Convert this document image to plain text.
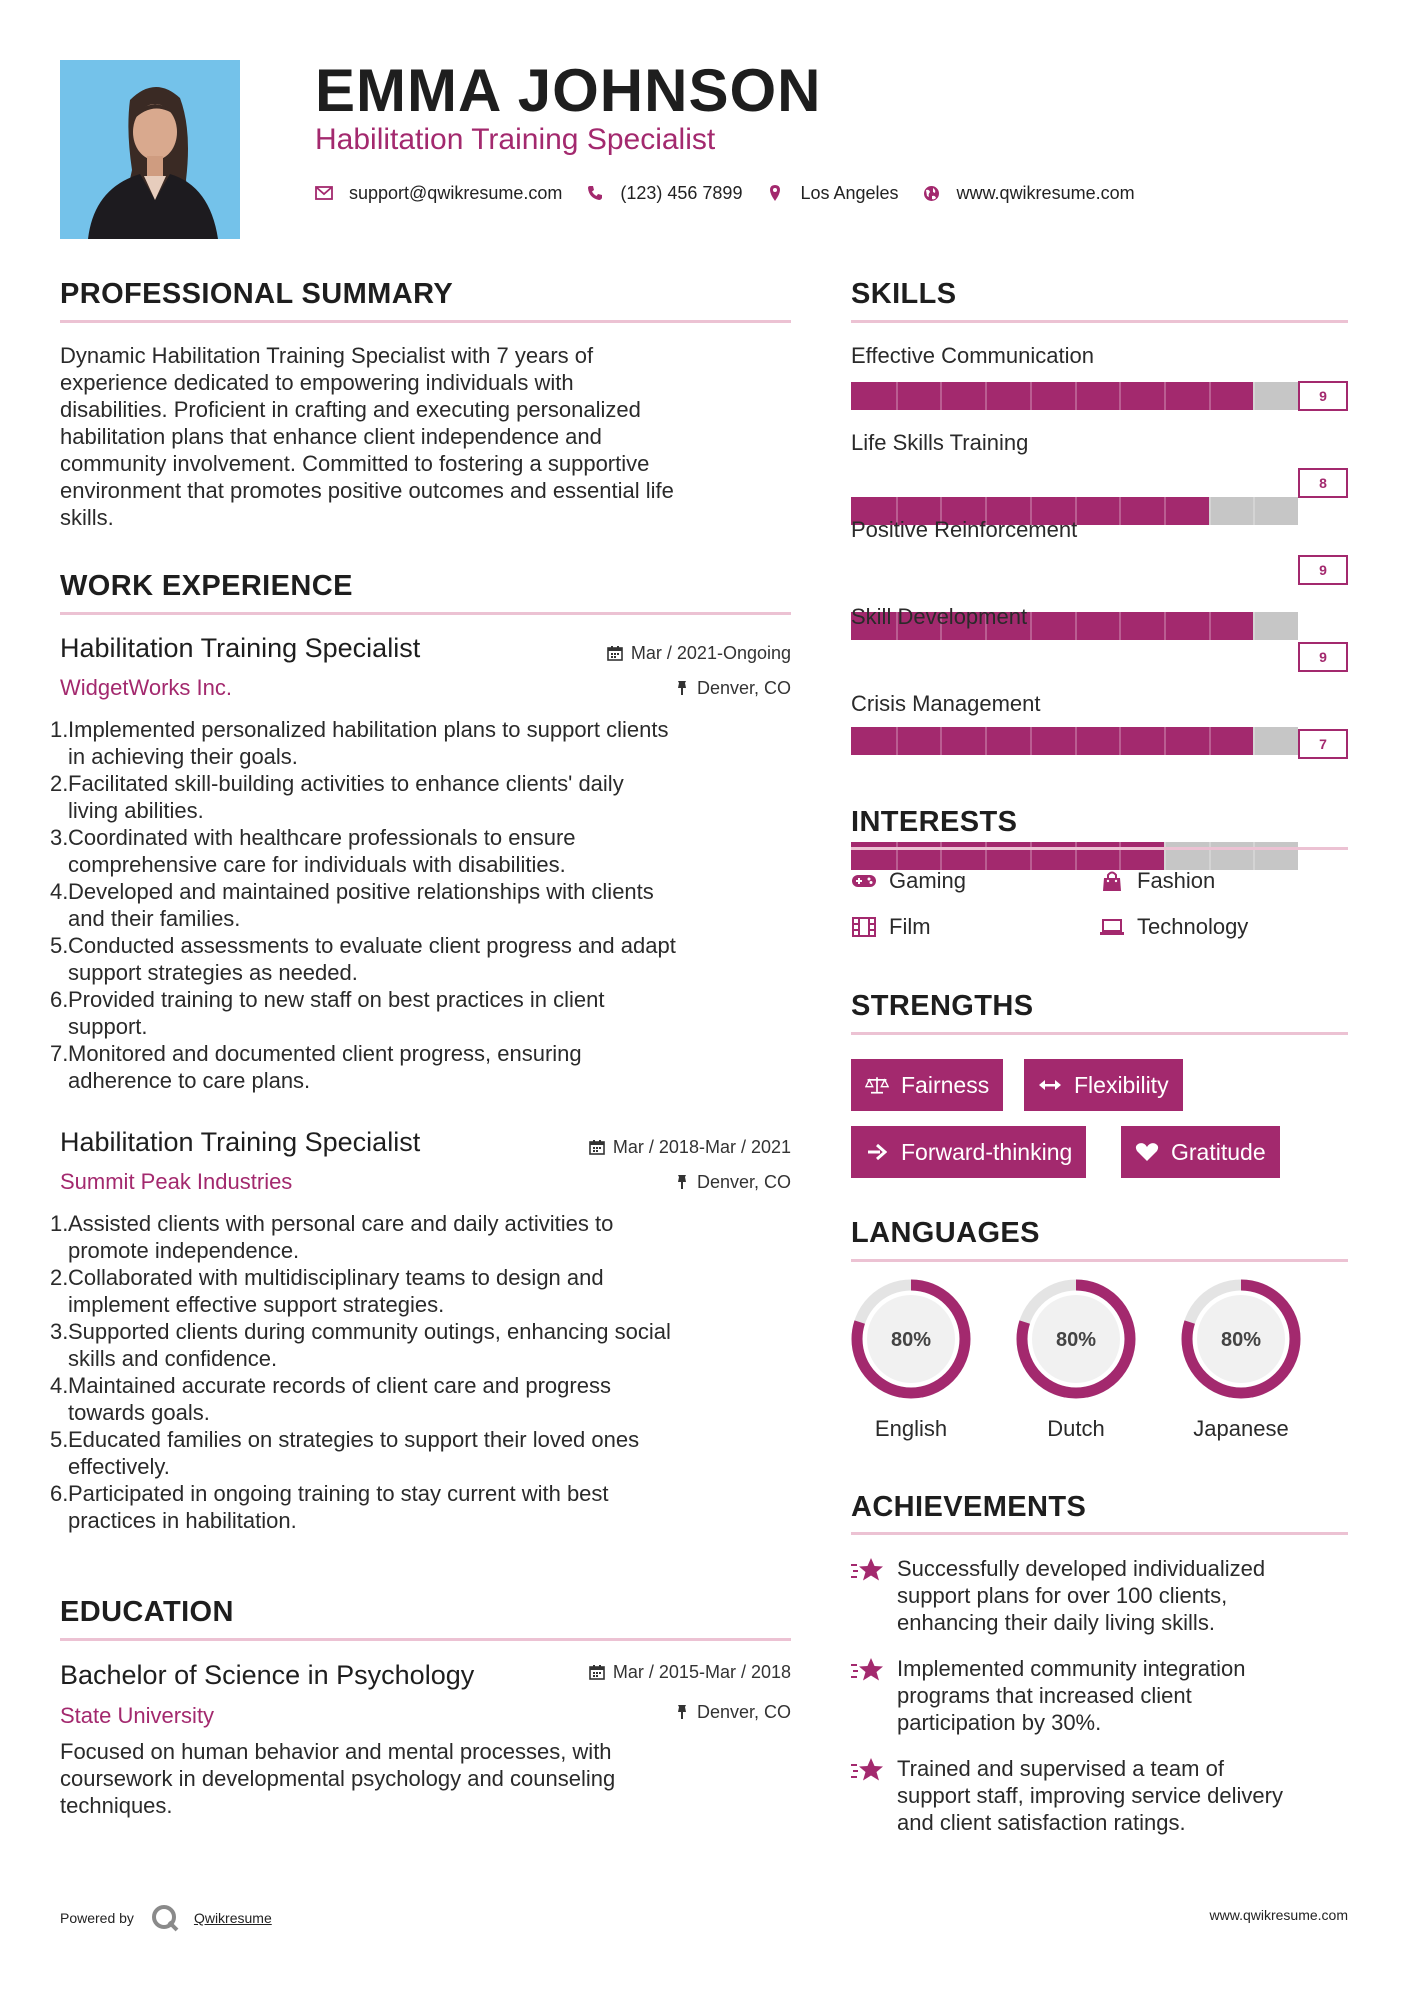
EMMA JOHNSON
Habilitation Training Specialist
support@qwikresume.com	(123) 456 7899	Los Angeles	www.qwikresume.com
PROFESSIONAL SUMMARY
Dynamic Habilitation Training Specialist with 7 years of
experience dedicated to empowering individuals with
disabilities. Proficient in crafting and executing personalized
habilitation plans that enhance client independence and
community involvement. Committed to fostering a supportive
environment that promotes positive outcomes and essential life
skills.
WORK EXPERIENCE
Habilitation Training Specialist
WidgetWorks Inc.
Mar / 2021-Ongoing
Denver, CO
1.Implemented personalized habilitation plans to support clients
in achieving their goals.
2.Facilitated skill-building activities to enhance clients' daily
living abilities.
3.Coordinated with healthcare professionals to ensure
comprehensive care for individuals with disabilities.
4.Developed and maintained positive relationships with clients
and their families.
5.Conducted assessments to evaluate client progress and adapt
support strategies as needed.
6.Provided training to new staff on best practices in client
support.
7.Monitored and documented client progress, ensuring
adherence to care plans.
Habilitation Training Specialist
Summit Peak Industries
Mar / 2018-Mar / 2021
Denver, CO
1.Assisted clients with personal care and daily activities to
promote independence.
2.Collaborated with multidisciplinary teams to design and
implement effective support strategies.
3.Supported clients during community outings, enhancing social
skills and confidence.
4.Maintained accurate records of client care and progress
towards goals.
5.Educated families on strategies to support their loved ones
effectively.
6.Participated in ongoing training to stay current with best
practices in habilitation.
EDUCATION
Bachelor of Science in Psychology
State University
Mar / 2015-Mar / 2018
Denver, CO
Focused on human behavior and mental processes, with
coursework in developmental psychology and counseling
techniques.
SKILLS
Effective Communication
9
Life Skills Training
8
Positive Reinforcement
9
Skill Development
9
Crisis Management
7
INTERESTS
Gaming	Fashion
Film	Technology
STRENGTHS
Fairness	Flexibility
Forward-thinking	Gratitude
LANGUAGES
80%
English
80%
Dutch
80%
Japanese
ACHIEVEMENTS
Successfully developed individualized
support plans for over 100 clients,
enhancing their daily living skills.
Implemented community integration
programs that increased client
participation by 30%.
Trained and supervised a team of
support staff, improving service delivery
and client satisfaction ratings.
Powered by	Qwikresume	www.qwikresume.com
